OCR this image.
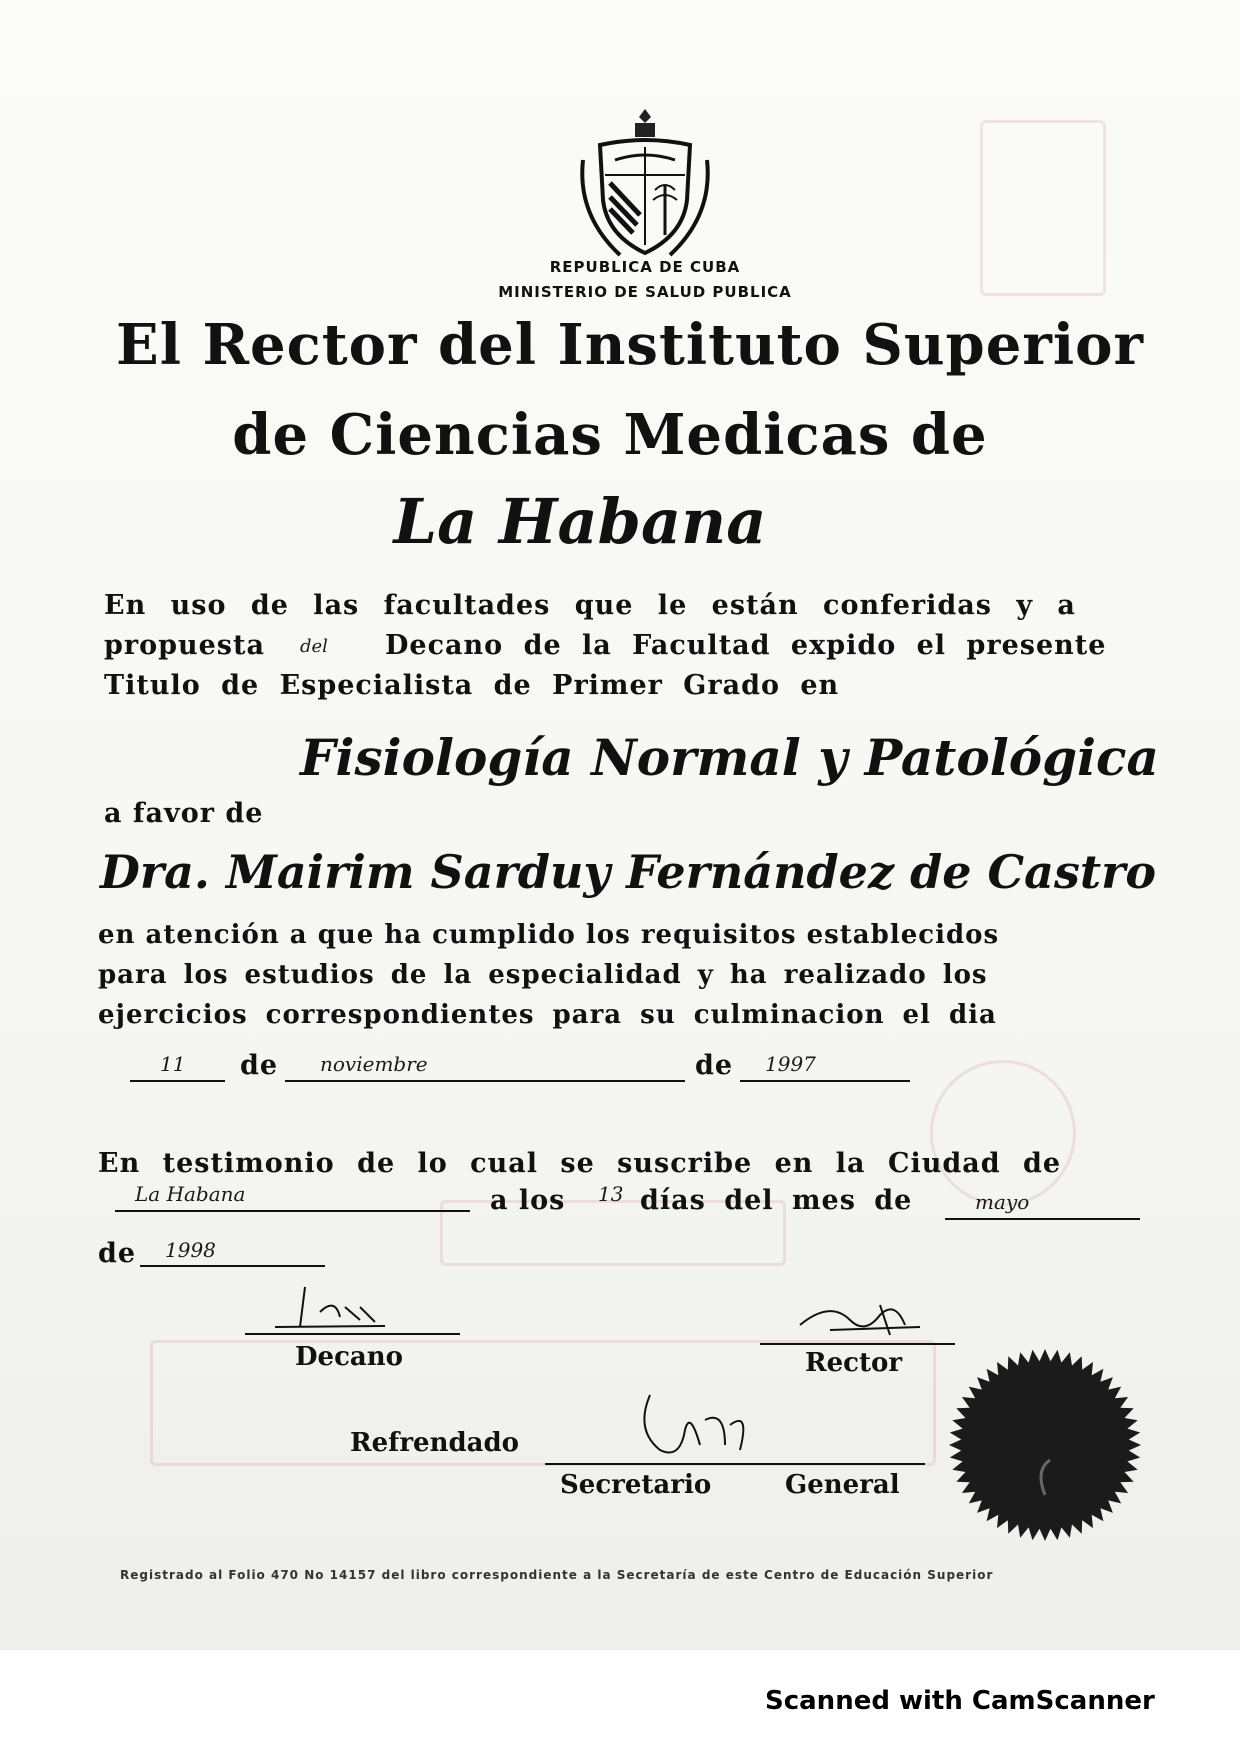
REPUBLICA DE CUBA
MINISTERIO DE SALUD PUBLICA
El Rector del Instituto Superior
de Ciencias Medicas de
La Habana
En uso de las facultades que le están conferidas y a
propuesta del Decano de la Facultad expido el presente
Titulo de Especialista de Primer Grado en
Fisiología Normal y Patológica
a favor de
Dra. Mairim Sarduy Fernández de Castro
en atención a que ha cumplido los requisitos establecidos
para los estudios de la especialidad y ha realizado los
ejercicios correspondientes para su culminacion el dia
11 de noviembre	de 1997
En testimonio de lo cual se suscribe en la Ciudad de
La Habana	a los 13 días del mes de	mayo
de 1998
Decano	Rector
Refrendado
Secretario	General
Registrado al Folio 470 No 14157 del libro correspondiente a la Secretaría de este Centro de Educación Superior
Scanned with CamScanner
